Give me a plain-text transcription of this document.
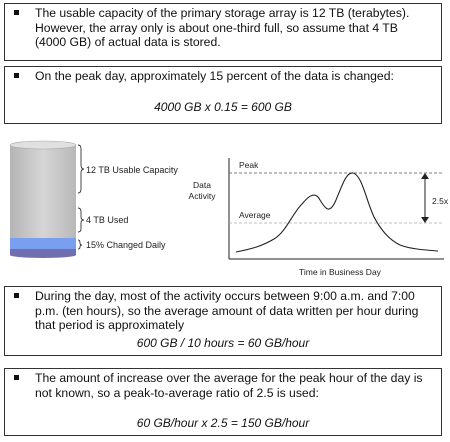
The usable capacity of the primary storage array is 12 TB (terabytes). However, the array only is about one-third full, so assume that 4 TB (4000 GB) of actual data is stored.
On the peak day, approximately 15 percent of the data is changed:
4000 GB x 0.15 = 600 GB
12 TB Usable Capacity
4 TB Used
15% Changed Daily
Data
Activity
Peak
Average
2.5x
Time in Business Day
During the day, most of the activity occurs between 9:00 a.m. and 7:00 p.m. (ten hours), so the average amount of data written per hour during that period is approximately
600 GB / 10 hours = 60 GB/hour
The amount of increase over the average for the peak hour of the day is not known, so a peak-to-average ratio of 2.5 is used:
60 GB/hour x 2.5 = 150 GB/hour
